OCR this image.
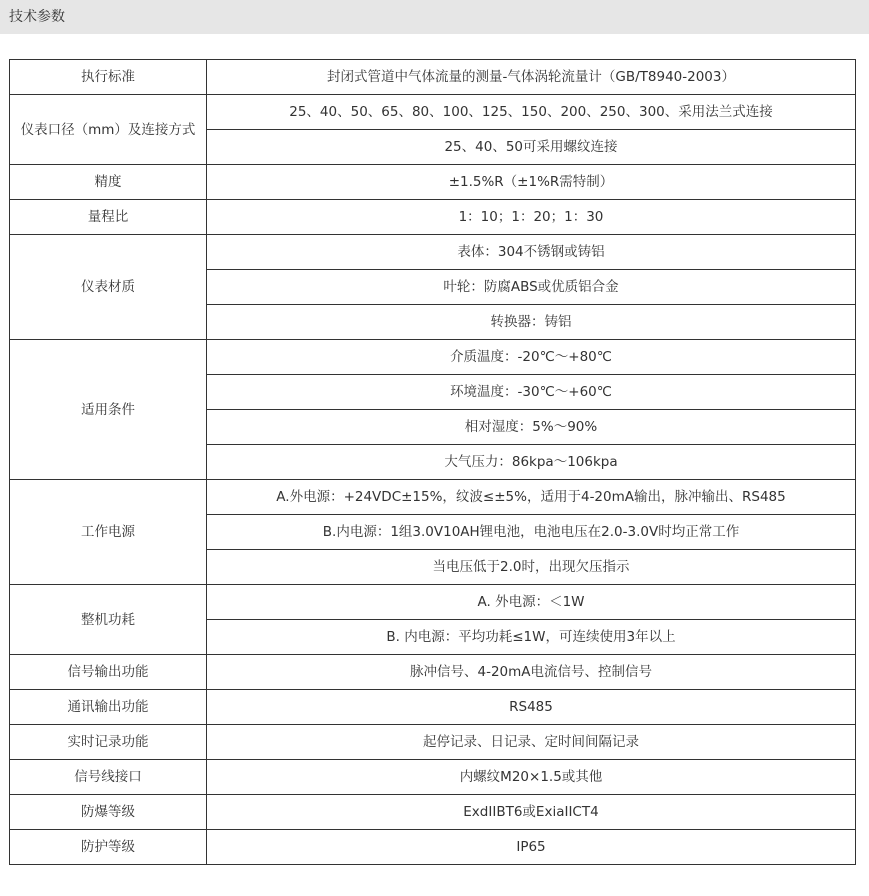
技术参数
执行标准	封闭式管道中气体流量的测量-气体涡轮流量计（GB/T8940-2003）
仪表口径（mm）及连接方式	25、40、50、65、80、100、125、150、200、250、300、采用法兰式连接
	25、40、50可采用螺纹连接
精度	±1.5%R（±1%R需特制）
量程比	1：10；1：20；1：30
仪表材质	表体：304不锈钢或铸铝
	叶轮：防腐ABS或优质铝合金
	转换器：铸铝
适用条件	介质温度：-20℃～+80℃
	环境温度：-30℃～+60℃
	相对湿度：5%～90%
	大气压力：86kpa～106kpa
工作电源	A.外电源：+24VDC±15%，纹波≤±5%，适用于4-20mA输出，脉冲输出、RS485
	B.内电源：1组3.0V10AH锂电池，电池电压在2.0-3.0V时均正常工作
	当电压低于2.0时，出现欠压指示
整机功耗	A. 外电源：＜1W
	B. 内电源：平均功耗≤1W，可连续使用3年以上
信号输出功能	脉冲信号、4-20mA电流信号、控制信号
通讯输出功能	RS485
实时记录功能	起停记录、日记录、定时间间隔记录
信号线接口	内螺纹M20×1.5或其他
防爆等级	ExdIIBT6或ExiaIICT4
防护等级	IP65
